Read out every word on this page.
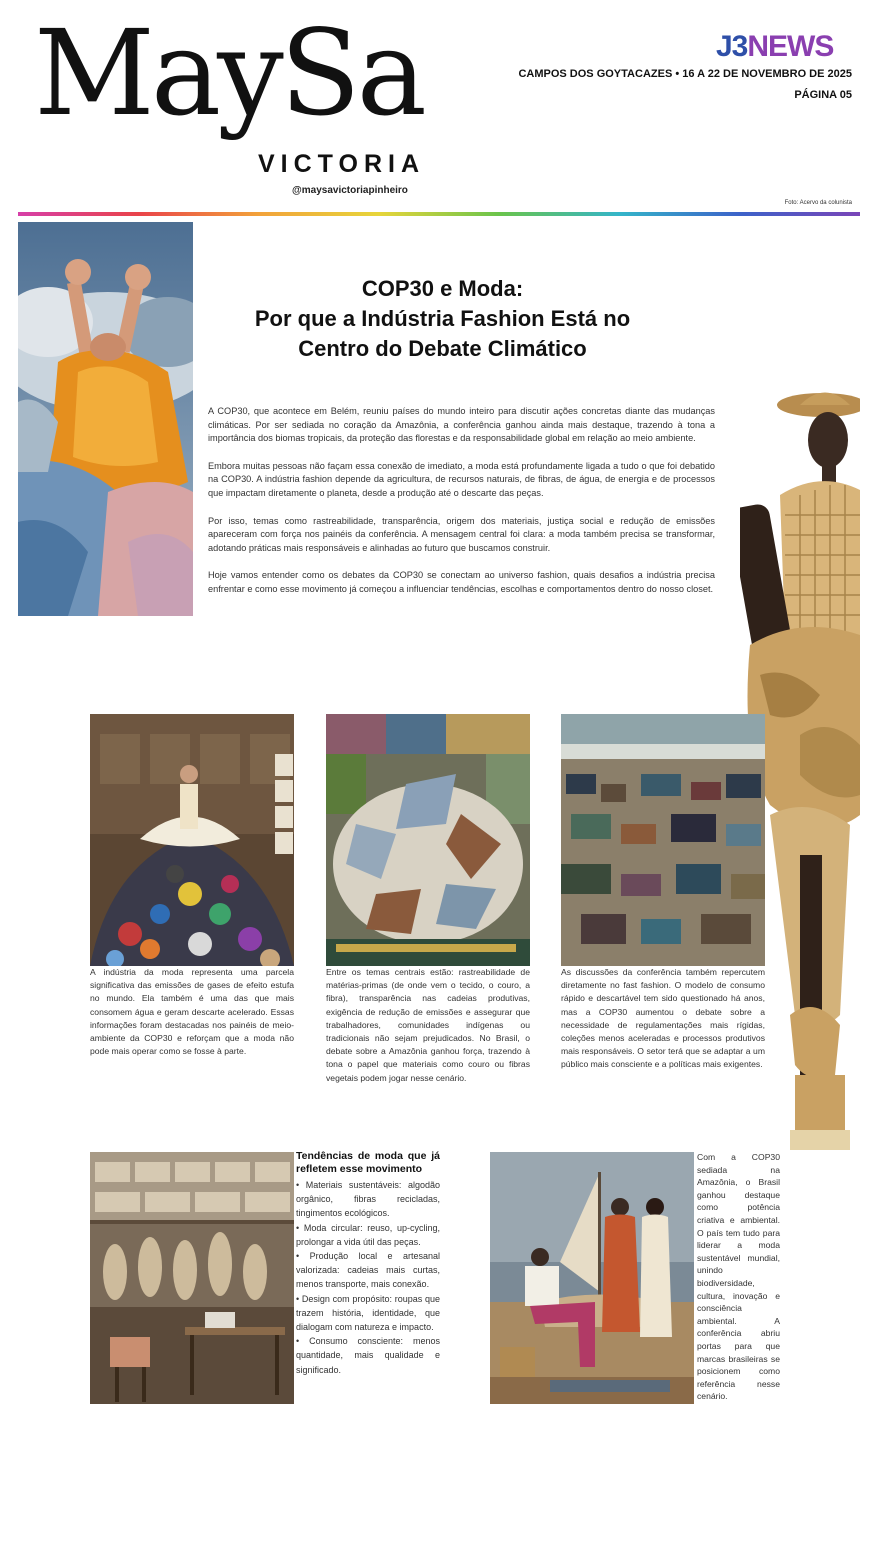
MaySa
VICTORIA
@maysavictoriapinheiro
J3NEWS
CAMPOS DOS GOYTACAZES • 16 A 22 DE NOVEMBRO DE 2025
PÁGINA 05
Foto: Acervo da colunista
COP30 e Moda:
Por que a Indústria Fashion Está no
Centro do Debate Climático

A COP30, que acontece em Belém, reuniu países do mundo inteiro para discutir ações concretas diante das mudanças climáticas. Por ser sediada no coração da Amazônia, a conferência ganhou ainda mais destaque, trazendo à tona a importância dos biomas tropicais, da proteção das florestas e da responsabilidade global em relação ao meio ambiente.

Embora muitas pessoas não façam essa conexão de imediato, a moda está profundamente ligada a tudo o que foi debatido na COP30. A indústria fashion depende da agricultura, de recursos naturais, de fibras, de água, de energia e de processos que impactam diretamente o planeta, desde a produção até o descarte das peças.

Por isso, temas como rastreabilidade, transparência, origem dos materiais, justiça social e redução de emissões apareceram com força nos painéis da conferência. A mensagem central foi clara: a moda também precisa se transformar, adotando práticas mais responsáveis e alinhadas ao futuro que buscamos construir.

Hoje vamos entender como os debates da COP30 se conectam ao universo fashion, quais desafios a indústria precisa enfrentar e como esse movimento já começou a influenciar tendências, escolhas e comportamentos dentro do nosso closet.

A indústria da moda representa uma parcela significativa das emissões de gases de efeito estufa no mundo. Ela também é uma das que mais consomem água e geram descarte acelerado. Essas informações foram destacadas nos painéis de meio-ambiente da COP30 e reforçam que a moda não pode mais operar como se fosse à parte.
Entre os temas centrais estão: rastreabilidade de matérias-primas (de onde vem o tecido, o couro, a fibra), transparência nas cadeias produtivas, exigência de redução de emissões e assegurar que trabalhadores, comunidades indígenas ou tradicionais não sejam prejudicados. No Brasil, o debate sobre a Amazônia ganhou força, trazendo à tona o papel que materiais como couro ou fibras vegetais podem jogar nesse cenário.
As discussões da conferência também repercutem diretamente no fast fashion. O modelo de consumo rápido e descartável tem sido questionado há anos, mas a COP30 aumentou o debate sobre a necessidade de regulamentações mais rígidas, coleções menos aceleradas e processos produtivos mais responsáveis. O setor terá que se adaptar a um público mais consciente e a políticas mais exigentes.
Tendências de moda que já refletem esse movimento
• Materiais sustentáveis: algodão orgânico, fibras recicladas, tingimentos ecológicos.
• Moda circular: reuso, up-cycling, prolongar a vida útil das peças.
• Produção local e artesanal valorizada: cadeias mais curtas, menos transporte, mais conexão.
• Design com propósito: roupas que trazem história, identidade, que dialogam com natureza e impacto.
• Consumo consciente: menos quantidade, mais qualidade e significado.
Com a COP30 sediada na Amazônia, o Brasil ganhou destaque como potência criativa e ambiental. O país tem tudo para liderar a moda sustentável mundial, unindo biodiversidade, cultura, inovação e consciência ambiental. A conferência abriu portas para que marcas brasileiras se posicionem como referência nesse cenário.
